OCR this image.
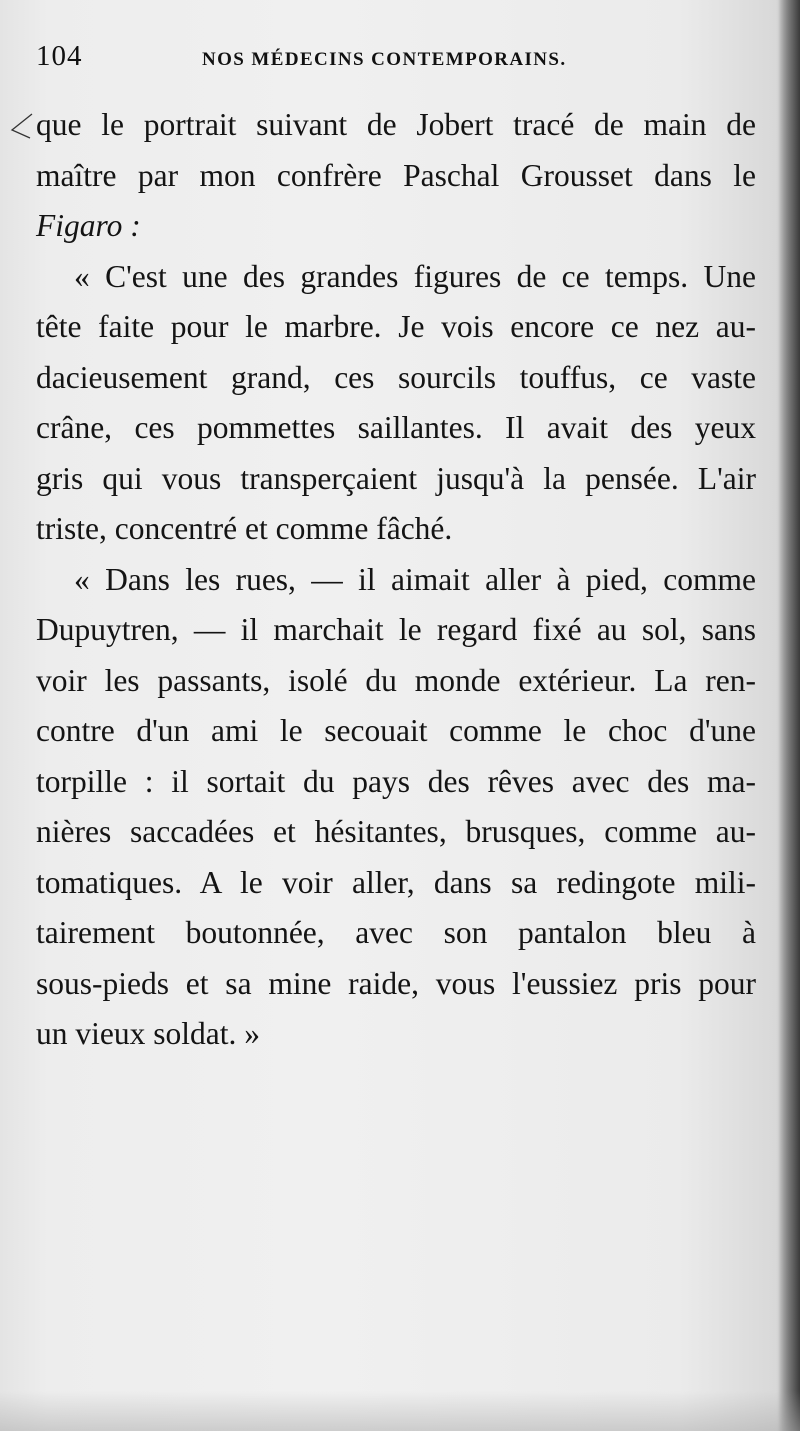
104	NOS MÉDECINS CONTEMPORAINS.
que le portrait suivant de Jobert tracé de main de
maître par mon confrère Paschal Grousset dans le
Figaro :
« C'est une des grandes figures de ce temps. Une
tête faite pour le marbre. Je vois encore ce nez au-
dacieusement grand, ces sourcils touffus, ce vaste
crâne, ces pommettes saillantes. Il avait des yeux
gris qui vous transperçaient jusqu'à la pensée. L'air
triste, concentré et comme fâché.
« Dans les rues, — il aimait aller à pied, comme
Dupuytren, — il marchait le regard fixé au sol, sans
voir les passants, isolé du monde extérieur. La ren-
contre d'un ami le secouait comme le choc d'une
torpille : il sortait du pays des rêves avec des ma-
nières saccadées et hésitantes, brusques, comme au-
tomatiques. A le voir aller, dans sa redingote mili-
tairement boutonnée, avec son pantalon bleu à
sous-pieds et sa mine raide, vous l'eussiez pris pour
un vieux soldat. »
